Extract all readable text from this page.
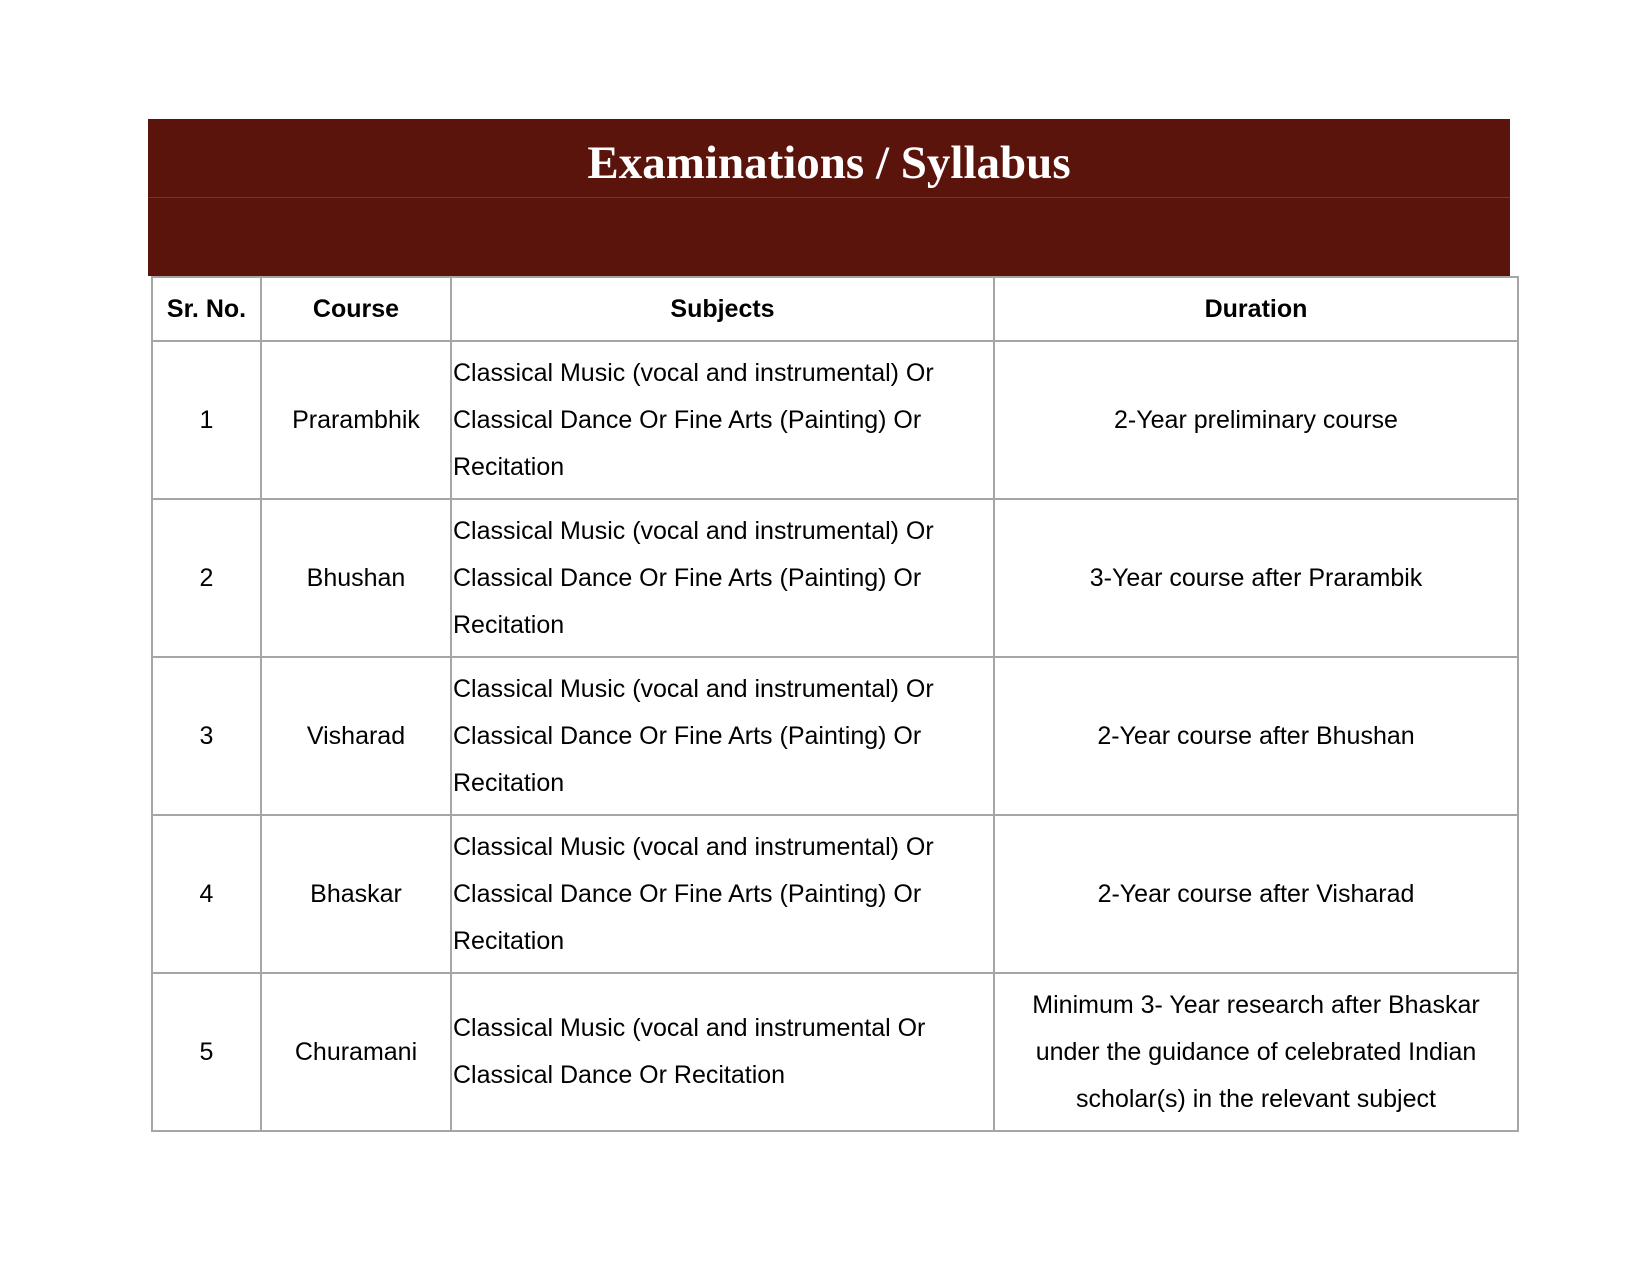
Examinations / Syllabus
Sr. No.	Course	Subjects	Duration
1	Prarambhik	Classical Music (vocal and instrumental) Or Classical Dance Or Fine Arts (Painting) Or Recitation	2-Year preliminary course
2	Bhushan	Classical Music (vocal and instrumental) Or Classical Dance Or Fine Arts (Painting) Or Recitation	3-Year course after Prarambik
3	Visharad	Classical Music (vocal and instrumental) Or Classical Dance Or Fine Arts (Painting) Or Recitation	2-Year course after Bhushan
4	Bhaskar	Classical Music (vocal and instrumental) Or Classical Dance Or Fine Arts (Painting) Or Recitation	2-Year course after Visharad
5	Churamani	Classical Music (vocal and instrumental Or Classical Dance Or Recitation	Minimum 3- Year research after Bhaskar under the guidance of celebrated Indian scholar(s) in the relevant subject
